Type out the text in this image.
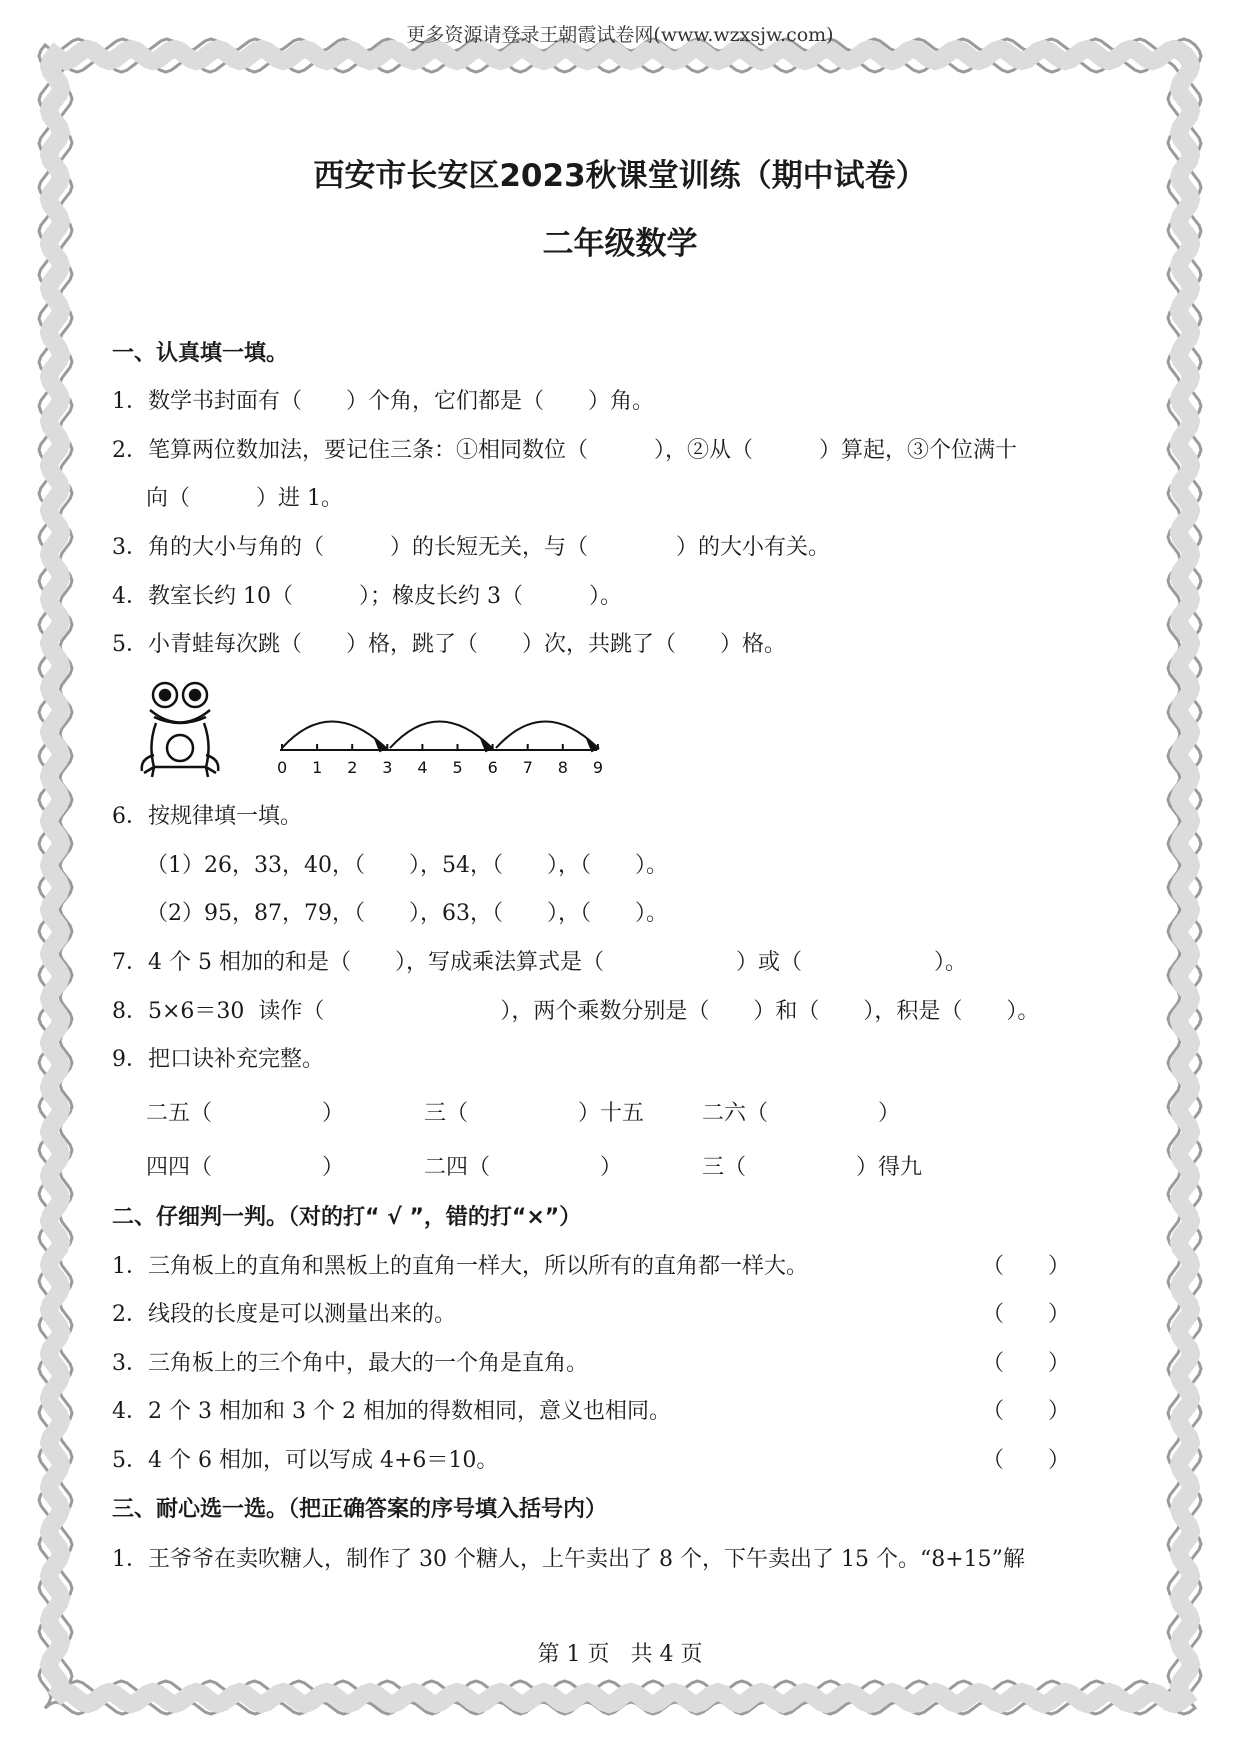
更多资源请登录王朝霞试卷网(www.wzxsjw.com)
西安市长安区2023秋课堂训练（期中试卷）
二年级数学
一、认真填一填。
1．数学书封面有（　　）个角，它们都是（　　）角。
2．笔算两位数加法，要记住三条：①相同数位（　　　），②从（　　　）算起，③个位满十
向（　　　）进 1。
3．角的大小与角的（　　　）的长短无关，与（　　　　）的大小有关。
4．教室长约 10（　　　）；橡皮长约 3（　　　）。
5．小青蛙每次跳（　　）格，跳了（　　）次，共跳了（　　）格。
0 1 2 3 4 5 6 7 8 9
6．按规律填一填。
（1）26，33，40，（　　），54，（　　），（　　）。
（2）95，87，79，（　　），63，（　　），（　　）。
7．4 个 5 相加的和是（　　），写成乘法算式是（　　　　　　）或（　　　　　　）。
8．5×6＝30  读作（　　　　　　　　），两个乘数分别是（　　）和（　　），积是（　　）。
9．把口诀补充完整。
二五（　　　　　）	三（　　　　　）十五	二六（　　　　　）
四四（　　　　　）	二四（　　　　　）	三（　　　　　）得九
二、仔细判一判。（对的打“ √ ”，错的打“×”）
1．三角板上的直角和黑板上的直角一样大，所以所有的直角都一样大。	（　　）
2．线段的长度是可以测量出来的。	（　　）
3．三角板上的三个角中，最大的一个角是直角。	（　　）
4．2 个 3 相加和 3 个 2 相加的得数相同，意义也相同。	（　　）
5．4 个 6 相加，可以写成 4+6＝10。	（　　）
三、耐心选一选。（把正确答案的序号填入括号内）
1．王爷爷在卖吹糖人，制作了 30 个糖人，上午卖出了 8 个，下午卖出了 15 个。“8+15”解
第 1 页   共 4 页
